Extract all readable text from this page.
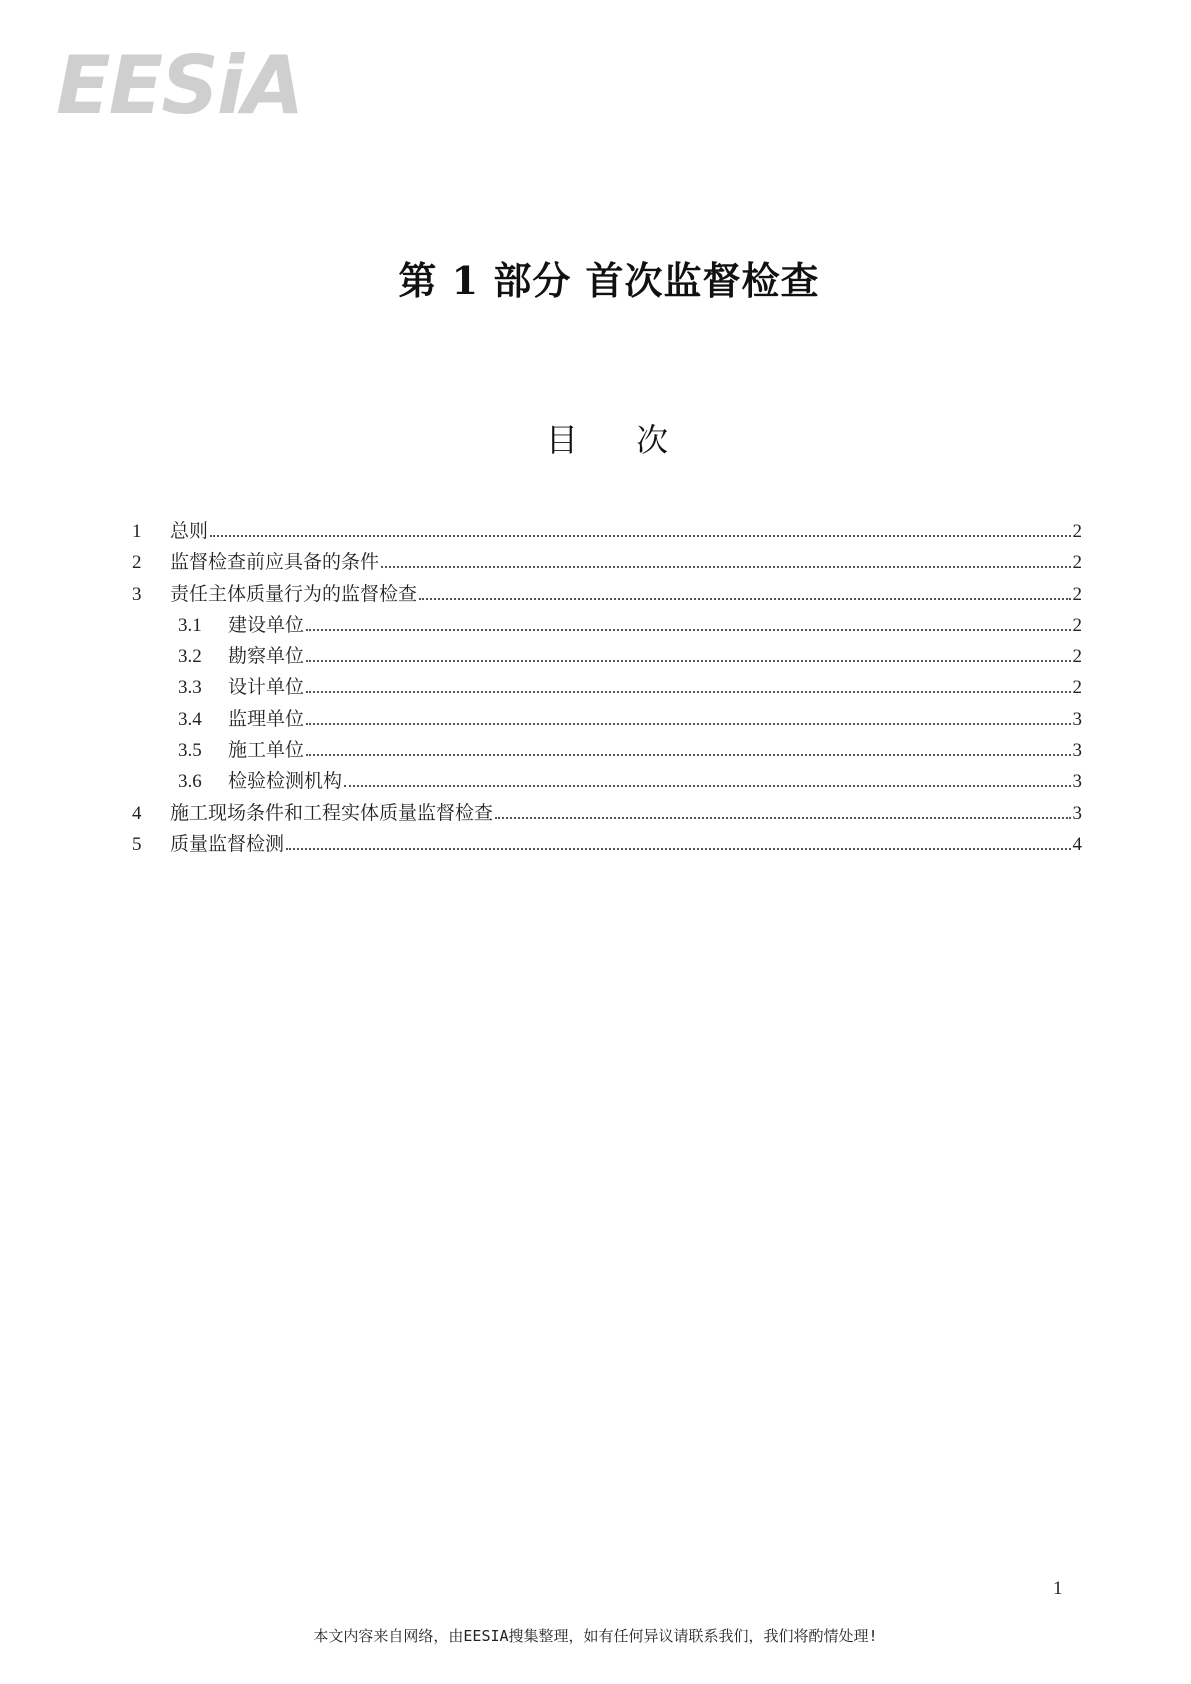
EESiA
第 1 部分 首次监督检查
目 次
1	总则	2
2	监督检查前应具备的条件	2
3	责任主体质量行为的监督检查	2
3.1	建设单位	2
3.2	勘察单位	2
3.3	设计单位	2
3.4	监理单位	3
3.5	施工单位	3
3.6	检验检测机构	3
4	施工现场条件和工程实体质量监督检查	3
5	质量监督检测	4
1
本文内容来自网络，由EESIA搜集整理，如有任何异议请联系我们，我们将酌情处理!
